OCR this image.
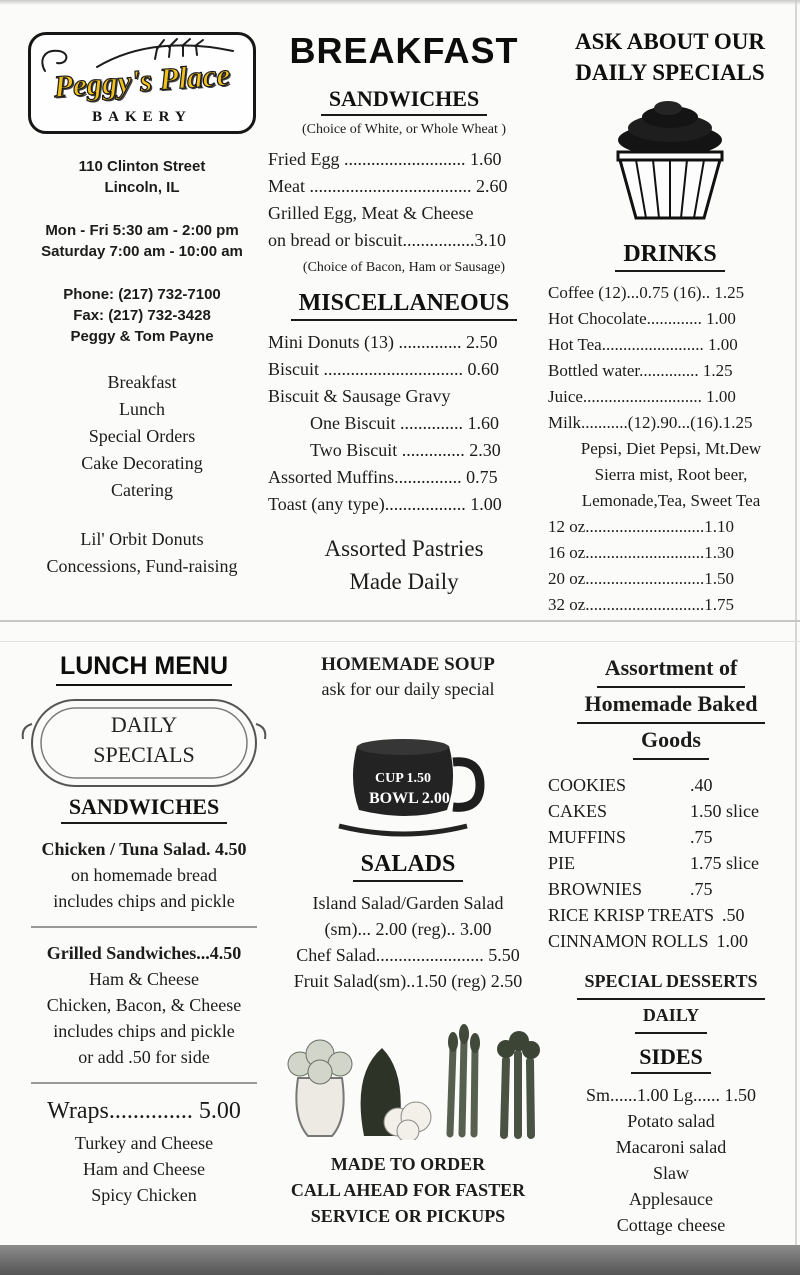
Peggy's Place
BAKERY
110 Clinton Street
Lincoln, IL
Mon - Fri 5:30 am - 2:00 pm
Saturday 7:00 am - 10:00 am
Phone: (217) 732-7100
Fax: (217) 732-3428
Peggy & Tom Payne
Breakfast
Lunch
Special Orders
Cake Decorating
Catering
Lil' Orbit Donuts
Concessions, Fund-raising
BREAKFAST
SANDWICHES
(Choice of White, or Whole Wheat )
Fried Egg ........................... 1.60
Meat .................................... 2.60
Grilled Egg, Meat & Cheese
on bread or biscuit................3.10
(Choice of Bacon, Ham or Sausage)
MISCELLANEOUS
Mini Donuts (13) .............. 2.50
Biscuit ............................... 0.60
Biscuit & Sausage Gravy
One Biscuit .............. 1.60
Two Biscuit .............. 2.30
Assorted Muffins............... 0.75
Toast (any type).................. 1.00
Assorted Pastries
Made Daily
ASK ABOUT OUR
DAILY SPECIALS
DRINKS
Coffee (12)...0.75 (16).. 1.25
Hot Chocolate............. 1.00
Hot Tea........................ 1.00
Bottled water.............. 1.25
Juice............................ 1.00
Milk...........(12).90...(16).1.25
Pepsi, Diet Pepsi, Mt.Dew
Sierra mist, Root beer,
Lemonade,Tea, Sweet Tea
12 oz............................1.10
16 oz............................1.30
20 oz............................1.50
32 oz............................1.75
LUNCH MENU
DAILY
SPECIALS
SANDWICHES
Chicken / Tuna Salad. 4.50
on homemade bread
includes chips and pickle
Grilled Sandwiches...4.50
Ham & Cheese
Chicken, Bacon, & Cheese
includes chips and pickle
or add .50 for side
Wraps.............. 5.00
Turkey and Cheese
Ham and Cheese
Spicy Chicken
HOMEMADE SOUP
ask for our daily special
CUP 1.50
BOWL 2.00
SALADS
Island Salad/Garden Salad
(sm)... 2.00 (reg).. 3.00
Chef Salad........................ 5.50
Fruit Salad(sm)..1.50 (reg) 2.50
MADE TO ORDER
CALL AHEAD FOR FASTER
SERVICE OR PICKUPS
Assortment of
Homemade Baked
Goods
COOKIES	.40
CAKES	1.50 slice
MUFFINS	.75
PIE	1.75 slice
BROWNIES	.75
RICE KRISP TREATS .50
CINNAMON ROLLS 1.00
SPECIAL DESSERTS
DAILY
SIDES
Sm......1.00 Lg...... 1.50
Potato salad
Macaroni salad
Slaw
Applesauce
Cottage cheese
